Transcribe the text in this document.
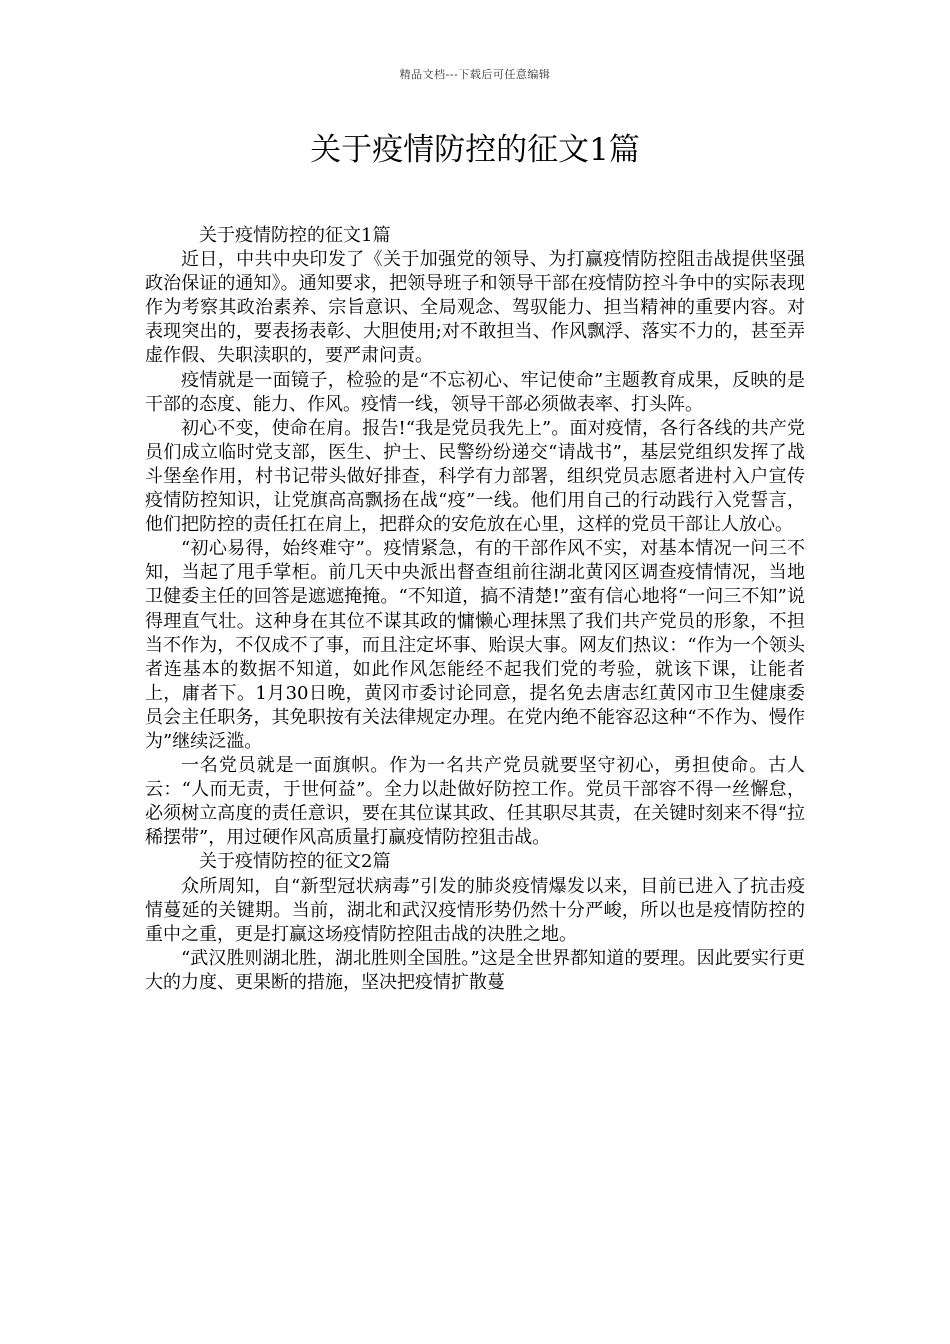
精品文档---下载后可任意编辑
关于疫情防控的征文1篇

关于疫情防控的征文1篇

近日，中共中央印发了《关于加强党的领导、为打赢疫情防控阻击战提供坚强政治保证的通知》。通知要求，把领导班子和领导干部在疫情防控斗争中的实际表现作为考察其政治素养、宗旨意识、全局观念、驾驭能力、担当精神的重要内容。对表现突出的，要表扬表彰、大胆使用;对不敢担当、作风飘浮、落实不力的，甚至弄虚作假、失职渎职的，要严肃问责。

疫情就是一面镜子，检验的是“不忘初心、牢记使命”主题教育成果，反映的是干部的态度、能力、作风。疫情一线，领导干部必须做表率、打头阵。

初心不变，使命在肩。报告!“我是党员我先上”。面对疫情，各行各线的共产党员们成立临时党支部，医生、护士、民警纷纷递交“请战书”，基层党组织发挥了战斗堡垒作用，村书记带头做好排查，科学有力部署，组织党员志愿者进村入户宣传疫情防控知识，让党旗高高飘扬在战“疫”一线。他们用自己的行动践行入党誓言，他们把防控的责任扛在肩上，把群众的安危放在心里，这样的党员干部让人放心。

“初心易得，始终难守”。疫情紧急，有的干部作风不实，对基本情况一问三不知，当起了甩手掌柜。前几天中央派出督查组前往湖北黄冈区调查疫情情况，当地卫健委主任的回答是遮遮掩掩。“不知道，搞不清楚!”蛮有信心地将“一问三不知”说得理直气壮。这种身在其位不谋其政的慵懒心理抹黑了我们共产党员的形象，不担当不作为，不仅成不了事，而且注定坏事、贻误大事。网友们热议：“作为一个领头者连基本的数据不知道，如此作风怎能经不起我们党的考验，就该下课，让能者上，庸者下。1月30日晚，黄冈市委讨论同意，提名免去唐志红黄冈市卫生健康委员会主任职务，其免职按有关法律规定办理。在党内绝不能容忍这种“不作为、慢作为”继续泛滥。

一名党员就是一面旗帜。作为一名共产党员就要坚守初心，勇担使命。古人云：“人而无责，于世何益”。全力以赴做好防控工作。党员干部容不得一丝懈怠，必须树立高度的责任意识，要在其位谋其政、任其职尽其责，在关键时刻来不得“拉稀摆带”，用过硬作风高质量打赢疫情防控狙击战。

关于疫情防控的征文2篇

众所周知，自“新型冠状病毒”引发的肺炎疫情爆发以来，目前已进入了抗击疫情蔓延的关键期。当前，湖北和武汉疫情形势仍然十分严峻，所以也是疫情防控的重中之重，更是打赢这场疫情防控阻击战的决胜之地。

“武汉胜则湖北胜，湖北胜则全国胜。”这是全世界都知道的要理。因此要实行更大的力度、更果断的措施，坚决把疫情扩散蔓
